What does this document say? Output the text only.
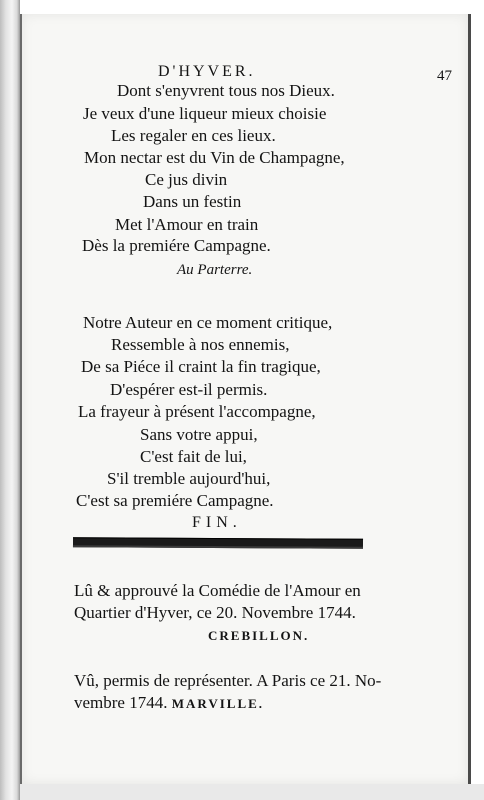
D'HYVER.	47
Dont s'enyvrent tous nos Dieux.
Je veux d'une liqueur mieux choisie
Les regaler en ces lieux.
Mon nectar est du Vin de Champagne,
Ce jus divin
Dans un festin
Met l'Amour en train
Dès la premiére Campagne.
Au Parterre.
Notre Auteur en ce moment critique,
Ressemble à nos ennemis,
De sa Piéce il craint la fin tragique,
D'espérer est-il permis.
La frayeur à présent l'accompagne,
Sans votre appui,
C'est fait de lui,
S'il tremble aujourd'hui,
C'est sa premiére Campagne.
FIN.
Lû & approuvé la Comédie de l'Amour en
Quartier d'Hyver, ce 20. Novembre 1744.
CREBILLON.
Vû, permis de représenter. A Paris ce 21. No-
vembre 1744. MARVILLE.
